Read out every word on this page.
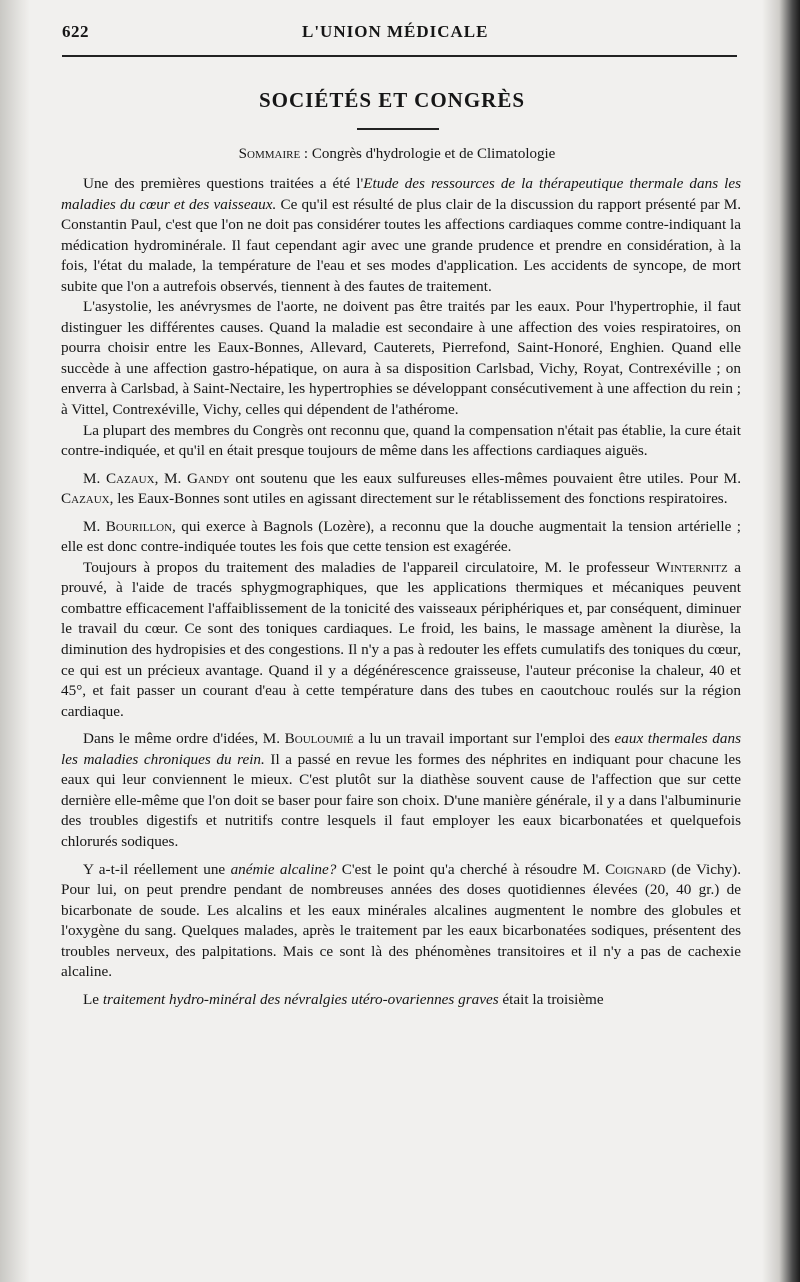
622	L'UNION MÉDICALE
SOCIÉTÉS ET CONGRÈS
Sommaire : Congrès d'hydrologie et de Climatologie

Une des premières questions traitées a été l'Etude des ressources de la thérapeutique thermale dans les maladies du cœur et des vaisseaux. Ce qu'il est résulté de plus clair de la discussion du rapport présenté par M. Constantin Paul, c'est que l'on ne doit pas considérer toutes les affections cardiaques comme contre-indiquant la médication hydrominérale. Il faut cependant agir avec une grande prudence et prendre en considération, à la fois, l'état du malade, la température de l'eau et ses modes d'application. Les accidents de syncope, de mort subite que l'on a autrefois observés, tiennent à des fautes de traitement.

L'asystolie, les anévrysmes de l'aorte, ne doivent pas être traités par les eaux. Pour l'hypertrophie, il faut distinguer les différentes causes. Quand la maladie est secondaire à une affection des voies respiratoires, on pourra choisir entre les Eaux-Bonnes, Allevard, Cauterets, Pierrefond, Saint-Honoré, Enghien. Quand elle succède à une affection gastro-hépatique, on aura à sa disposition Carlsbad, Vichy, Royat, Contrexéville ; on enverra à Carlsbad, à Saint-Nectaire, les hypertrophies se développant consécutivement à une affection du rein ; à Vittel, Contrexéville, Vichy, celles qui dépendent de l'athérome.

La plupart des membres du Congrès ont reconnu que, quand la compensation n'était pas établie, la cure était contre-indiquée, et qu'il en était presque toujours de même dans les affections cardiaques aiguës.

M. Cazaux, M. Gandy ont soutenu que les eaux sulfureuses elles-mêmes pouvaient être utiles. Pour M. Cazaux, les Eaux-Bonnes sont utiles en agissant directement sur le rétablissement des fonctions respiratoires.

M. Bourillon, qui exerce à Bagnols (Lozère), a reconnu que la douche augmentait la tension artérielle ; elle est donc contre-indiquée toutes les fois que cette tension est exagérée.

Toujours à propos du traitement des maladies de l'appareil circulatoire, M. le professeur Winternitz a prouvé, à l'aide de tracés sphygmographiques, que les applications thermiques et mécaniques peuvent combattre efficacement l'affaiblissement de la tonicité des vaisseaux périphériques et, par conséquent, diminuer le travail du cœur. Ce sont des toniques cardiaques. Le froid, les bains, le massage amènent la diurèse, la diminution des hydropisies et des congestions. Il n'y a pas à redouter les effets cumulatifs des toniques du cœur, ce qui est un précieux avantage. Quand il y a dégénérescence graisseuse, l'auteur préconise la chaleur, 40 et 45°, et fait passer un courant d'eau à cette température dans des tubes en caoutchouc roulés sur la région cardiaque.

Dans le même ordre d'idées, M. Bouloumié a lu un travail important sur l'emploi des eaux thermales dans les maladies chroniques du rein. Il a passé en revue les formes des néphrites en indiquant pour chacune les eaux qui leur conviennent le mieux. C'est plutôt sur la diathèse souvent cause de l'affection que sur cette dernière elle-même que l'on doit se baser pour faire son choix. D'une manière générale, il y a dans l'albuminurie des troubles digestifs et nutritifs contre lesquels il faut employer les eaux bicarbonatées et quelquefois chlorurés sodiques.

Y a-t-il réellement une anémie alcaline? C'est le point qu'a cherché à résoudre M. Coignard (de Vichy). Pour lui, on peut prendre pendant de nombreuses années des doses quotidiennes élevées (20, 40 gr.) de bicarbonate de soude. Les alcalins et les eaux minérales alcalines augmentent le nombre des globules et l'oxygène du sang. Quelques malades, après le traitement par les eaux bicarbonatées sodiques, présentent des troubles nerveux, des palpitations. Mais ce sont là des phénomènes transitoires et il n'y a pas de cachexie alcaline.

Le traitement hydro-minéral des névralgies utéro-ovariennes graves était la troisième
